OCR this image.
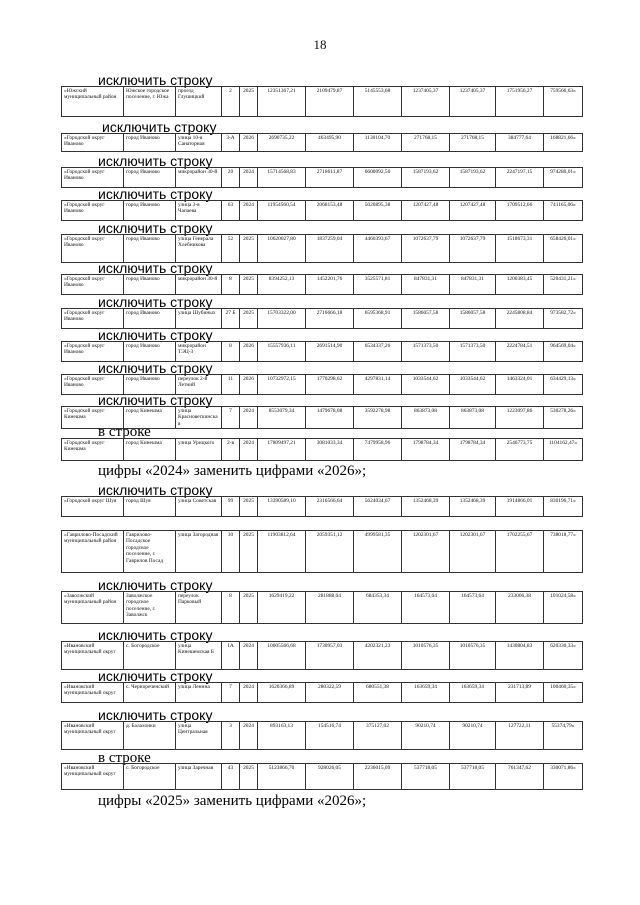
18
исключить строку
«Южский муниципальный район	Южское городское поселение, г. Южа	проезд Глушицкий	2	2025	12351367,21	2109479,87	5145553,68	1237405,37	1237405,37	1751956,27	759566,63»
исключить строку
«Городской округ Иваново	город Иваново	улица 10-я Санаторная	3-А	2026	2690735,22	463495,90	1130104,70	271768,15	271768,15	384777,64	168821,66»
исключить строку
«Городской округ Иваново	город Иваново	микрорайон 30-й	20	2024	15714568,83	2718611,87	6600092,56	1587193,62	1587193,62	2247197,15	974280,01»
исключить строку
«Городской округ Иваново	город Иваново	улица 3-я Чапаева	63	2024	11954560,54	2068153,48	5020895,38	1207427,48	1207427,48	1709512,66	741165,06»
исключить строку
«Городской округ Иваново	город Иваново	улица Генерала Хлебникова	52	2025	10620027,80	1837259,04	4460393,67	1072637,79	1072637,79	1518673,31	658426,01»
исключить строку
«Городской округ Иваново	город Иваново	микрорайон 30-й	8	2025	8394252,13	1452201,76	3525571,81	847831,31	847831,31	1200383,45	520431,21»
исключить строку
«Городской округ Иваново	город Иваново	улица Шубиных	27 Б	2025	15703322,00	2716666,18	6595368,91	1586057,58	1586057,58	2245808,84	973582,72»
исключить строку
«Городской округ Иваново	город Иваново	микрорайон ТЭЦ-3	8	2026	15557936,11	2691514,90	6534337,26	1571373,50	1571373,50	2224784,51	964569,04»
исключить строку
«Городской округ Иваново	город Иваново	переулок 2-й Летний	11	2026	10732972,15	1770298,62	4297831,14	1033544,62	1033544,62	1463324,01	634429,13»
исключить строку
«Городской округ Кинешма	город Кинешма	улица Красноветкинская	7	2024	8553079,34	1479678,08	3592278,98	863873,08	863873,08	1223097,86	530278,26»
в строке
«Городской округ Кинешма	город Кинешма	улица Урицкого	2-в	2024	17809497,21	3081033,34	7479958,96	1798784,34	1798784,34	2546773,75	1104162,47»
цифры «2024» заменить цифрами «2026»;
исключить строку
«Городской округ Шуя	город Шуя	улица Советская	99	2025	13390589,10	2316566,64	5624034,67	1352468,39	1352468,39	1914866,01	830196,71»
«Гаврилово-Посадский муниципальный район	Гаврилово-Посадское городское поселение, г. Гаврилов Посад	улица Загородная	30	2025	11903812,64	2059351,12	4999581,35	1202301,67	1202301,67	1702255,67	738018,77»
исключить строку
«Заволжский муниципальный район	Заволжское городское поселение, г. Заволжск	переулок Парковый	8	2025	1629419,22	281888,64	684353,34	164573,64	164573,64	233006,38	101024,58»
исключить строку
«Ивановский муниципальный округ	с. Богородское	улица Кинешемская Б	1А	2024	10005566,68	1730957,03	4202321,23	1010576,35	1010576,35	1430804,83	620330,33»
исключить строку
«Ивановский муниципальный округ	с. Чернореченский	улица Ленина	7	2024	1620366,89	280322,59	680551,38	163659,34	163659,34	231713,89	100460,35»
исключить строку
«Ивановский муниципальный округ	д. Балахонки	улица Центральная	3	2024	893163,13	154516,74	375127,02	90210,74	90210,74	127722,11	55374,79»
в строке
«Ивановский муниципальный округ	с. Богородское	улица Заречная	43	2025	5123866,70	928026,05	2236015,09	537718,05	537718,05	761347,62	330071,86»
цифры «2025» заменить цифрами «2026»;
